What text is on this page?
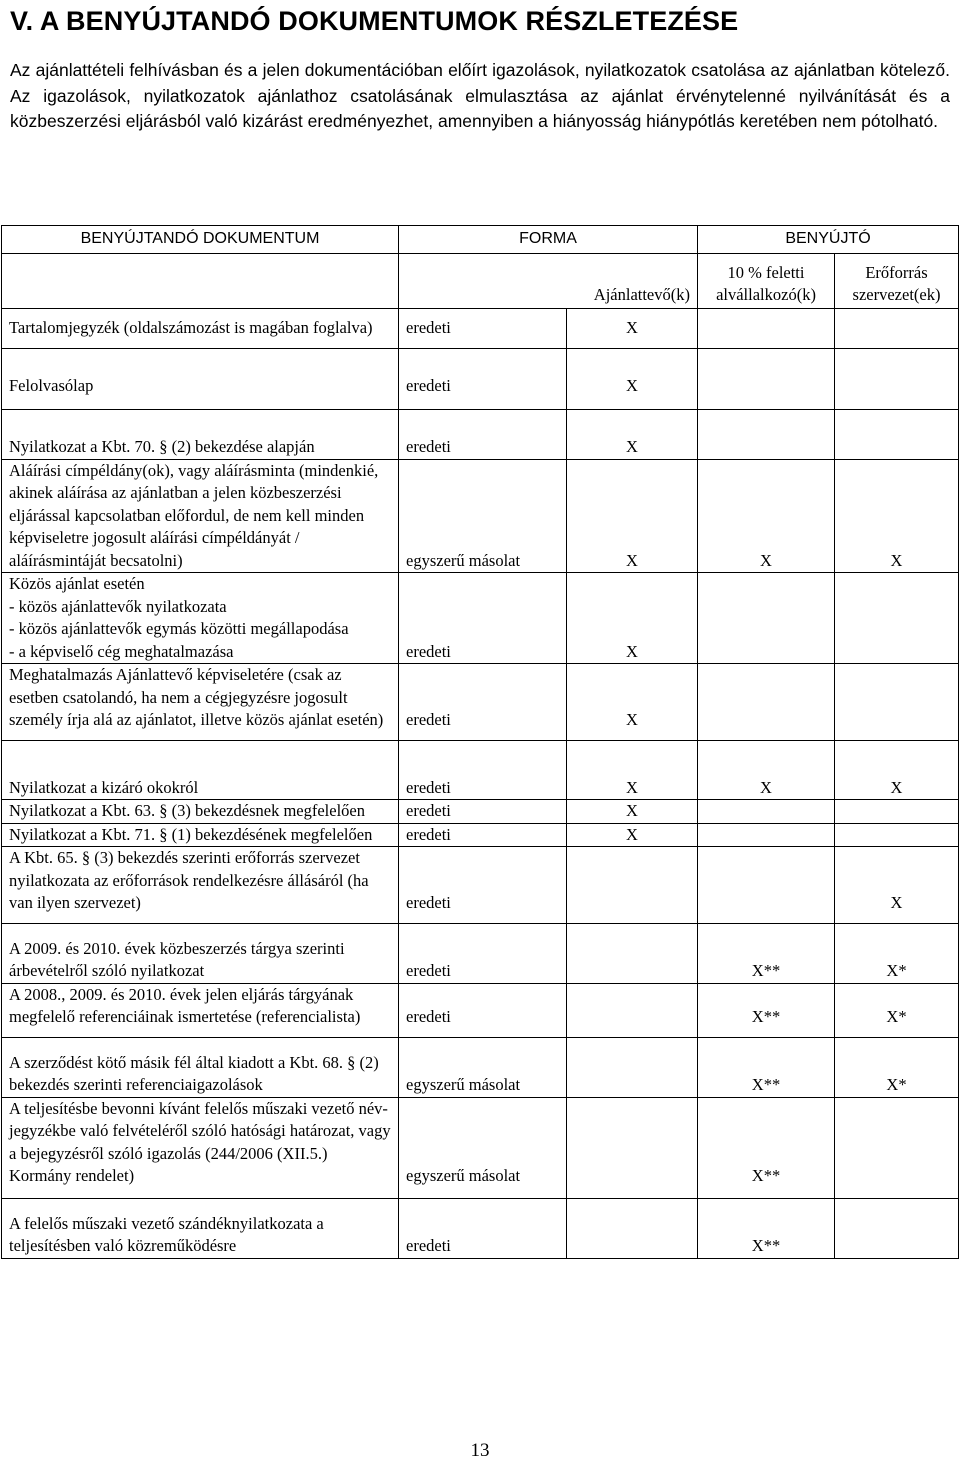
V. A BENYÚJTANDÓ DOKUMENTUMOK RÉSZLETEZÉSE

Az ajánlattételi felhívásban és a jelen dokumentációban előírt igazolások, nyilatkozatok csatolása az ajánlatban kötelező. Az igazolások, nyilatkozatok ajánlathoz csatolásának elmulasztása az ajánlat érvénytelenné nyilvánítását és a közbeszerzési eljárásból való kizárást eredményezhet, amennyiben a hiányosság hiánypótlás keretében nem pótolható.

BENYÚJTANDÓ DOKUMENTUM	FORMA		BENYÚJTÓ	
	Ajánlattevő(k)		10 % feletti alvállalkozó(k)	Erőforrás szervezet(ek)
Tartalomjegyzék (oldalszámozást is magában foglalva)	eredeti	X		
Felolvasólap	eredeti	X		
Nyilatkozat a Kbt. 70. § (2) bekezdése alapján	eredeti	X		
Aláírási címpéldány(ok), vagy aláírásminta (mindenkié, akinek aláírása az ajánlatban a jelen közbeszerzési eljárással kapcsolatban előfordul, de nem kell minden képviseletre jogosult aláírási címpéldányát / aláírásmintáját becsatolni)	egyszerű másolat	X	X	X
Közös ajánlat esetén
- közös ajánlattevők nyilatkozata
- közös ajánlattevők egymás közötti megállapodása
- a képviselő cég meghatalmazása	eredeti	X		
Meghatalmazás Ajánlattevő képviseletére (csak az esetben csatolandó, ha nem a cégjegyzésre jogosult személy írja alá az ajánlatot, illetve közös ajánlat esetén)	eredeti	X		
Nyilatkozat a kizáró okokról	eredeti	X	X	X
Nyilatkozat a Kbt. 63. § (3) bekezdésnek megfelelően	eredeti	X		
Nyilatkozat a Kbt. 71. § (1) bekezdésének megfelelően	eredeti	X		
A Kbt. 65. § (3) bekezdés szerinti erőforrás szervezet nyilatkozata az erőforrások rendelkezésre állásáról (ha van ilyen szervezet)	eredeti			X
A 2009. és 2010. évek közbeszerzés tárgya szerinti árbevételről szóló nyilatkozat	eredeti		X**	X*
A 2008., 2009. és 2010. évek jelen eljárás tárgyának megfelelő referenciáinak ismertetése (referencialista)	eredeti		X**	X*
A szerződést kötő másik fél által kiadott a Kbt. 68. § (2) bekezdés szerinti referenciaigazolások	egyszerű másolat		X**	X*
A teljesítésbe bevonni kívánt felelős műszaki vezető név-jegyzékbe való felvételéről szóló hatósági határozat, vagy a bejegyzésről szóló igazolás (244/2006 (XII.5.) Kormány rendelet)	egyszerű másolat		X**	
A felelős műszaki vezető szándéknyilatkozata a teljesítésben való közreműködésre	eredeti		X**	
13
